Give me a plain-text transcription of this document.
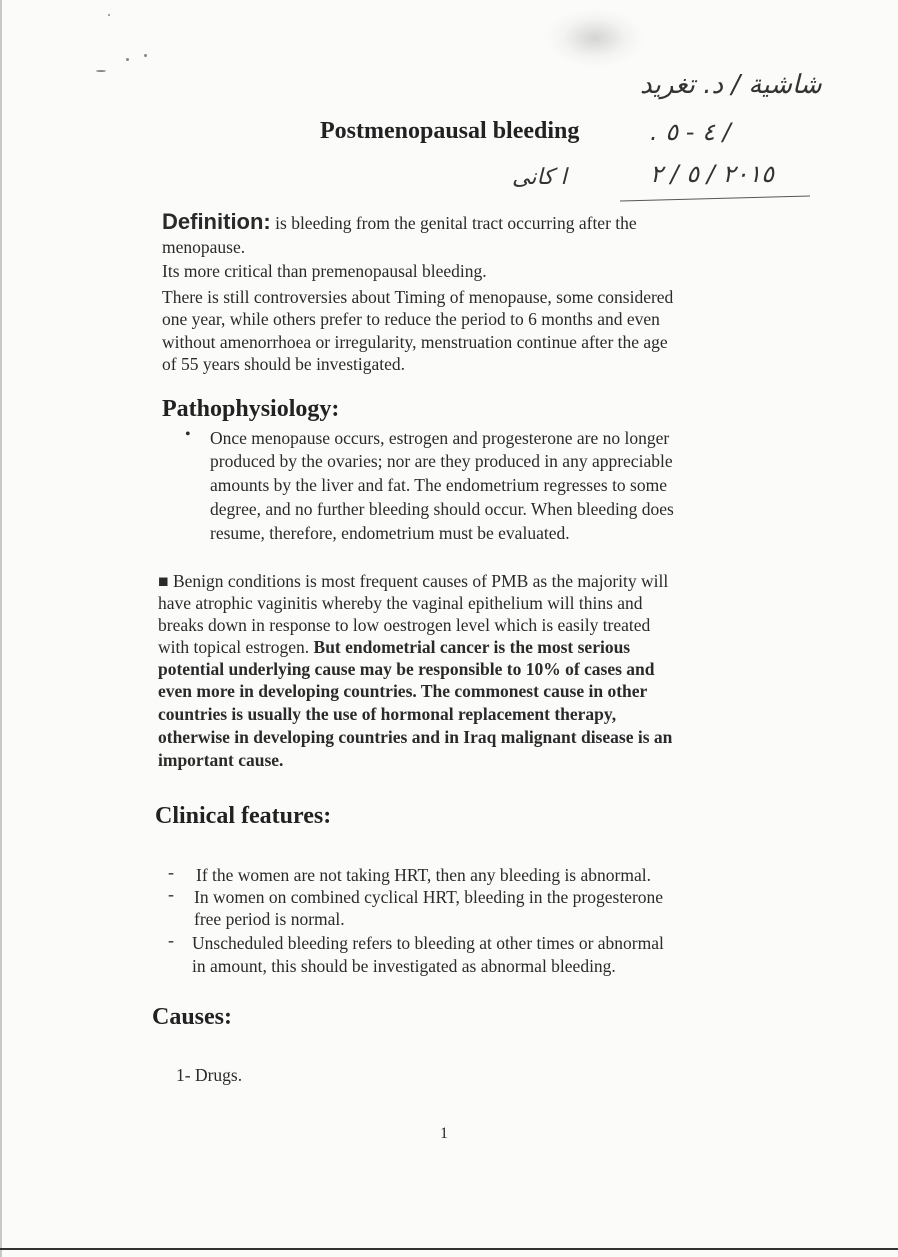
Postmenopausal bleeding
شاشية / د. تغريد
/ ٤ - ٥ .
ا كانى	٢٠١٥ / ٥ / ٢
Definition: is bleeding from the genital tract occurring after the
menopause.
Its more critical than premenopausal bleeding.
There is still controversies about Timing of menopause, some considered
one year, while others prefer to reduce the period to 6 months and even
without amenorrhoea or irregularity, menstruation continue after the age
of 55 years should be investigated.
Pathophysiology:
• Once menopause occurs, estrogen and progesterone are no longer
produced by the ovaries; nor are they produced in any appreciable
amounts by the liver and fat. The endometrium regresses to some
degree, and no further bleeding should occur. When bleeding does
resume, therefore, endometrium must be evaluated.
■ Benign conditions is most frequent causes of PMB as the majority will
have atrophic vaginitis whereby the vaginal epithelium will thins and
breaks down in response to low oestrogen level which is easily treated
with topical estrogen. But endometrial cancer is the most serious
potential underlying cause may be responsible to 10% of cases and
even more in developing countries. The commonest cause in other
countries is usually the use of hormonal replacement therapy,
otherwise in developing countries and in Iraq malignant disease is an
important cause.
Clinical features:
- If the women are not taking HRT, then any bleeding is abnormal.
- In women on combined cyclical HRT, bleeding in the progesterone
free period is normal.
- Unscheduled bleeding refers to bleeding at other times or abnormal
in amount, this should be investigated as abnormal bleeding.
Causes:
1- Drugs.
1
